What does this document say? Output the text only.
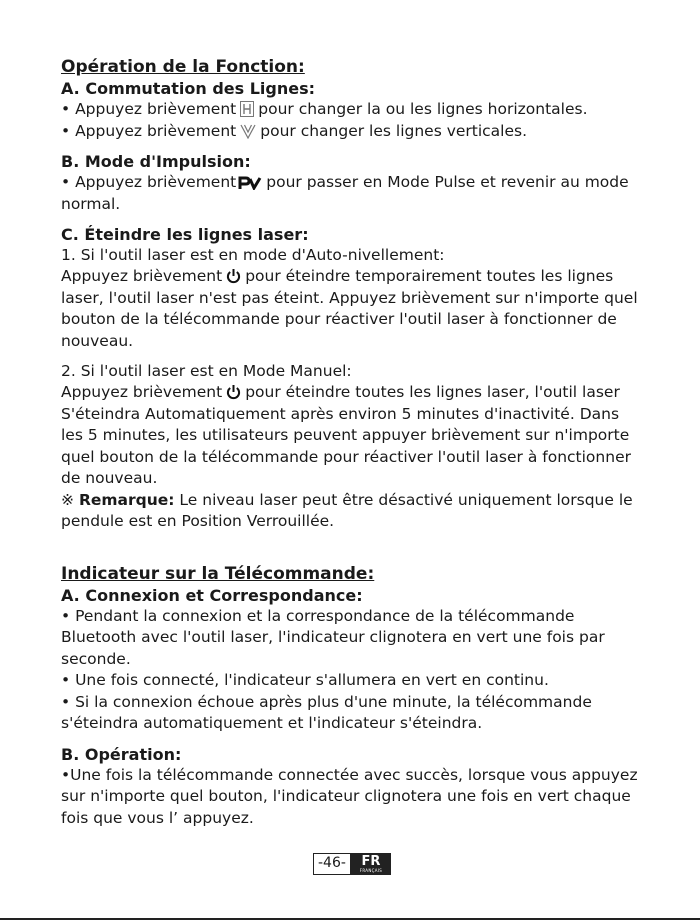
Opération de la Fonction:

A. Commutation des Lignes:

• Appuyez brièvement pour changer la ou les lignes horizontales.

• Appuyez brièvement pour changer les lignes verticales.

B. Mode d'Impulsion:

• Appuyez brièvement pour passer en Mode Pulse et revenir au mode normal.

C. Éteindre les lignes laser:

1. Si l'outil laser est en mode d'Auto-nivellement:

Appuyez brièvement pour éteindre temporairement toutes les lignes laser, l'outil laser n'est pas éteint. Appuyez brièvement sur n'importe quel bouton de la télécommande pour réactiver l'outil laser à fonctionner de nouveau.

2. Si l'outil laser est en Mode Manuel:

Appuyez brièvement pour éteindre toutes les lignes laser, l'outil laser S'éteindra Automatiquement après environ 5 minutes d'inactivité. Dans les 5 minutes, les utilisateurs peuvent appuyer brièvement sur n'importe quel bouton de la télécommande pour réactiver l'outil laser à fonctionner de nouveau.

※ Remarque: Le niveau laser peut être désactivé uniquement lorsque le pendule est en Position Verrouillée.

Indicateur sur la Télécommande:

A. Connexion et Correspondance:

• Pendant la connexion et la correspondance de la télécommande Bluetooth avec l'outil laser, l'indicateur clignotera en vert une fois par seconde.

• Une fois connecté, l'indicateur s'allumera en vert en continu.

• Si la connexion échoue après plus d'une minute, la télécommande s'éteindra automatiquement et l'indicateur s'éteindra.

B. Opération:

•Une fois la télécommande connectée avec succès, lorsque vous appuyez sur n'importe quel bouton, l'indicateur clignotera une fois en vert chaque fois que vous l’ appuyez.

-46-	FR
FRANÇAIS
